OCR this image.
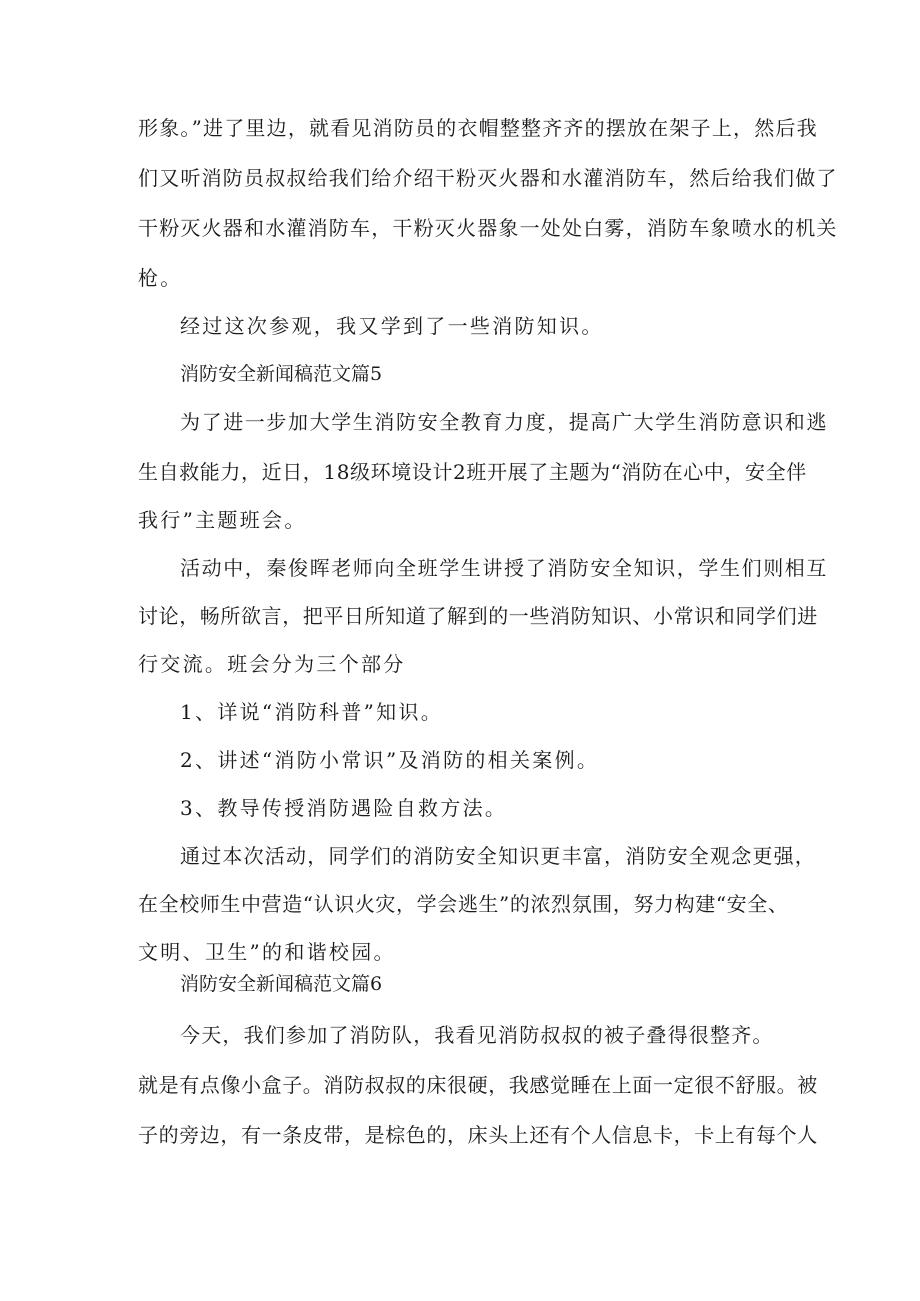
形象。”进了里边，就看见消防员的衣帽整整齐齐的摆放在架子上，然后我
们又听消防员叔叔给我们给介绍干粉灭火器和水灌消防车，然后给我们做了
干粉灭火器和水灌消防车，干粉灭火器象一处处白雾，消防车象喷水的机关
枪。
经过这次参观，我又学到了一些消防知识。
消防安全新闻稿范文篇5
为了进一步加大学生消防安全教育力度，提高广大学生消防意识和逃
生自救能力，近日，18级环境设计2班开展了主题为“消防在心中，安全伴
我行”主题班会。
活动中，秦俊晖老师向全班学生讲授了消防安全知识，学生们则相互
讨论，畅所欲言，把平日所知道了解到的一些消防知识、小常识和同学们进
行交流。班会分为三个部分
1、详说“消防科普”知识。
2、讲述“消防小常识”及消防的相关案例。
3、教导传授消防遇险自救方法。
通过本次活动，同学们的消防安全知识更丰富，消防安全观念更强，
在全校师生中营造“认识火灾，学会逃生”的浓烈氛围，努力构建“安全、
文明、卫生”的和谐校园。
消防安全新闻稿范文篇6
今天，我们参加了消防队，我看见消防叔叔的被子叠得很整齐。
就是有点像小盒子。消防叔叔的床很硬，我感觉睡在上面一定很不舒服。被
子的旁边，有一条皮带，是棕色的，床头上还有个人信息卡，卡上有每个人
